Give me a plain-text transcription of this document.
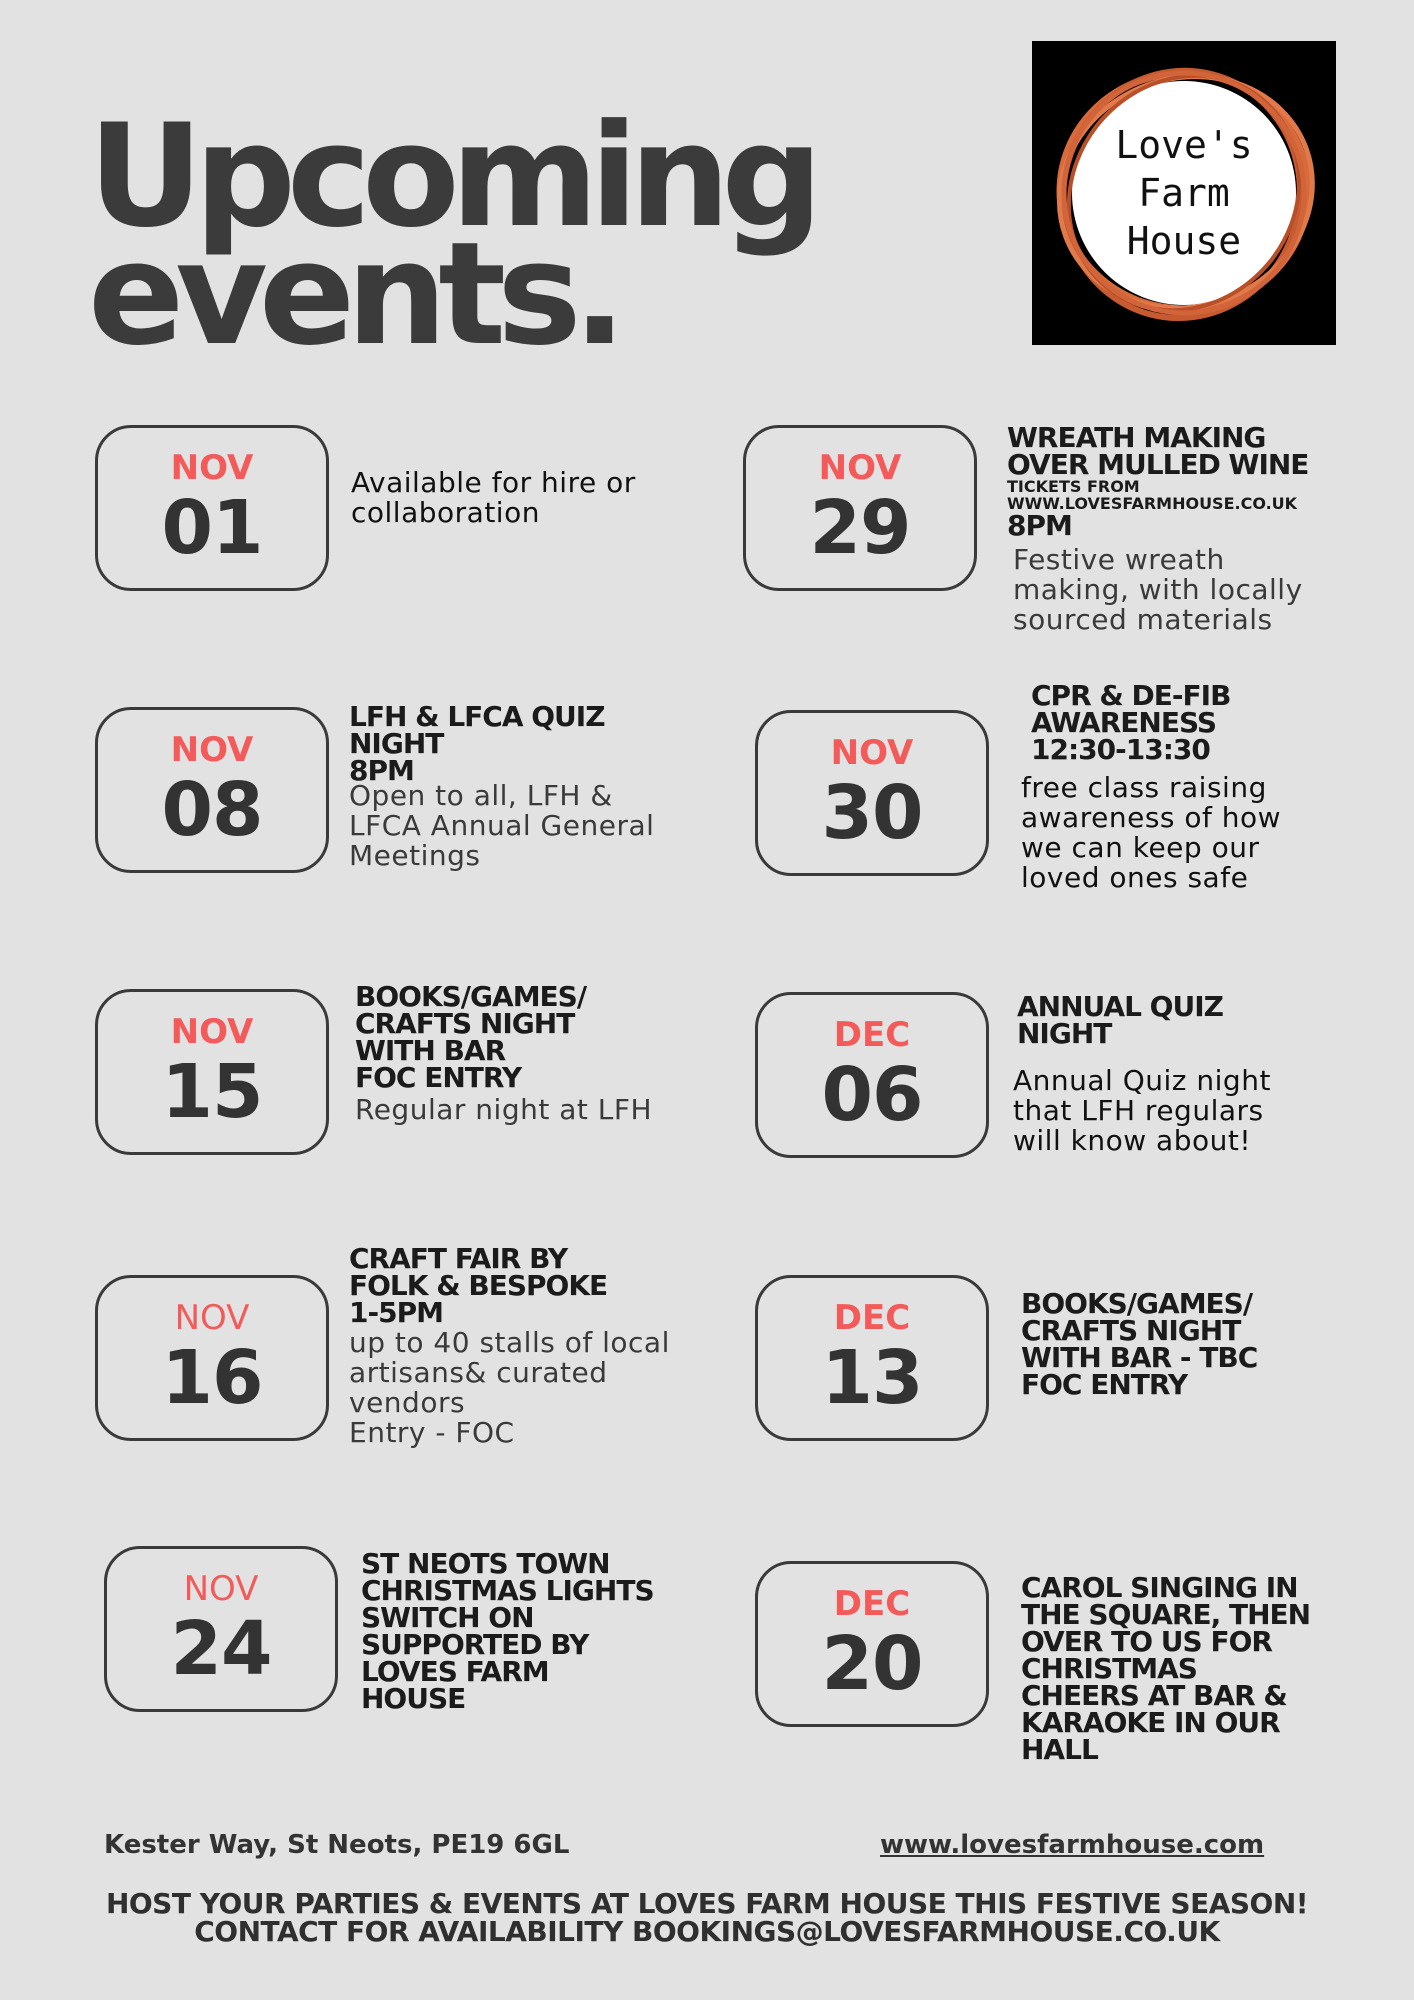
Upcoming
events.
Love's
Farm
House
NOV
01
Available for hire or
collaboration
NOV
08
LFH & LFCA QUIZ
NIGHT
8PM
Open to all, LFH &
LFCA Annual General
Meetings
NOV
15
BOOKS/GAMES/
CRAFTS NIGHT
WITH BAR
FOC ENTRY
Regular night at LFH
NOV
16
CRAFT FAIR BY
FOLK & BESPOKE
1-5PM
up to 40 stalls of local
artisans& curated
vendors
Entry - FOC
NOV
24
ST NEOTS TOWN
CHRISTMAS LIGHTS
SWITCH ON
SUPPORTED BY
LOVES FARM
HOUSE
NOV
29
WREATH MAKING
OVER MULLED WINE
TICKETS FROM
WWW.LOVESFARMHOUSE.CO.UK
8PM
Festive wreath
making, with locally
sourced materials
NOV
30
CPR & DE-FIB
AWARENESS
12:30-13:30
free class raising
awareness of how
we can keep our
loved ones safe
DEC
06
ANNUAL QUIZ
NIGHT
Annual Quiz night
that LFH regulars
will know about!
DEC
13
BOOKS/GAMES/
CRAFTS NIGHT
WITH BAR - TBC
FOC ENTRY
DEC
20
CAROL SINGING IN
THE SQUARE, THEN
OVER TO US FOR
CHRISTMAS
CHEERS AT BAR &
KARAOKE IN OUR
HALL
Kester Way, St Neots, PE19 6GL	www.lovesfarmhouse.com
HOST YOUR PARTIES & EVENTS AT LOVES FARM HOUSE THIS FESTIVE SEASON!
CONTACT FOR AVAILABILITY BOOKINGS@LOVESFARMHOUSE.CO.UK
